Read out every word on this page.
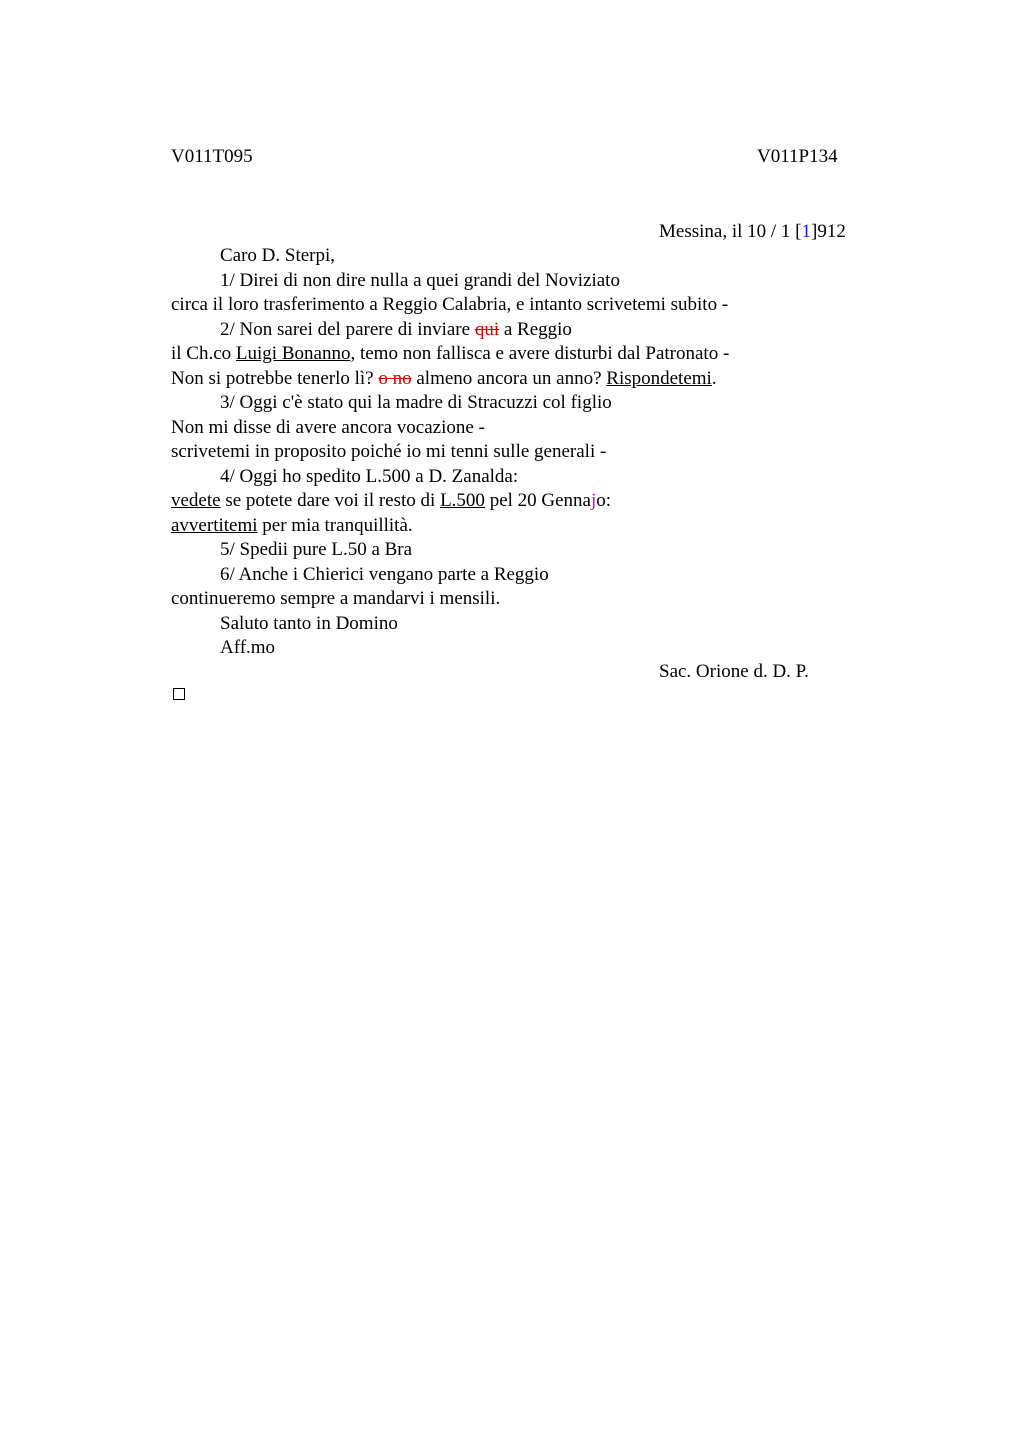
V011T095	V011P134
Messina, il 10 / 1 [1]912
Caro D. Sterpi,
1/ Direi di non dire nulla a quei grandi del Noviziato
circa il loro trasferimento a Reggio Calabria, e intanto scrivetemi subito -
2/ Non sarei del parere di inviare qui a Reggio
il Ch.co Luigi Bonanno, temo non fallisca e avere disturbi dal Patronato -
Non si potrebbe tenerlo lì? o no almeno ancora un anno? Rispondetemi.
3/ Oggi c'è stato qui la madre di Stracuzzi col figlio
Non mi disse di avere ancora vocazione -
scrivetemi in proposito poiché io mi tenni sulle generali -
4/ Oggi ho spedito L.500 a D. Zanalda:
vedete se potete dare voi il resto di L.500 pel 20 Gennajo:
avvertitemi per mia tranquillità.
5/ Spedii pure L.50 a Bra
6/ Anche i Chierici vengano parte a Reggio
continueremo sempre a mandarvi i mensili.
Saluto tanto in Domino
Aff.mo
Sac. Orione d. D. P.
